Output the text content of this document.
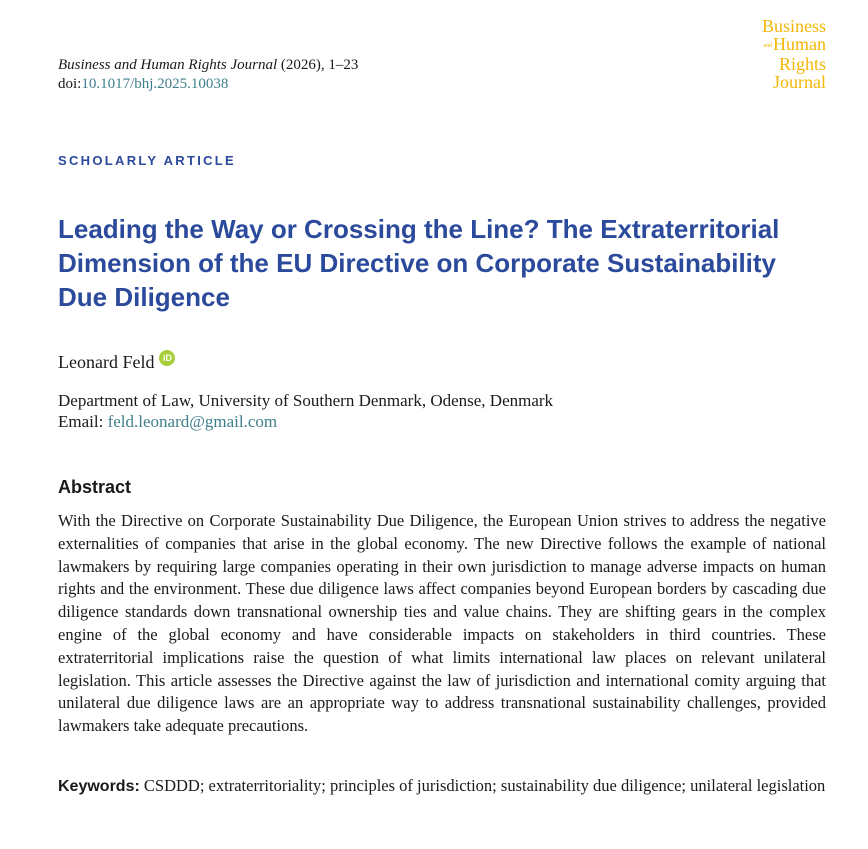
Business and Human Rights Journal (2026), 1–23
doi:10.1017/bhj.2025.10038
Business
andHuman
Rights
Journal
SCHOLARLY ARTICLE
Leading the Way or Crossing the Line? The Extraterritorial Dimension of the EU Directive on Corporate Sustainability Due Diligence
Leonard Feld iD
Department of Law, University of Southern Denmark, Odense, Denmark
Email: feld.leonard@gmail.com
Abstract

With the Directive on Corporate Sustainability Due Diligence, the European Union strives to address the negative externalities of companies that arise in the global economy. The new Directive follows the example of national lawmakers by requiring large companies operating in their own jurisdiction to manage adverse impacts on human rights and the environment. These due diligence laws affect companies beyond European borders by cascading due diligence standards down transnational ownership ties and value chains. They are shifting gears in the complex engine of the global economy and have considerable impacts on stakeholders in third countries. These extraterritorial implications raise the question of what limits international law places on relevant unilateral legislation. This article assesses the Directive against the law of jurisdiction and international comity arguing that unilateral due diligence laws are an appropriate way to address transnational sustainability challenges, provided lawmakers take adequate precautions.

Keywords: CSDDD; extraterritoriality; principles of jurisdiction; sustainability due diligence; unilateral legislation
